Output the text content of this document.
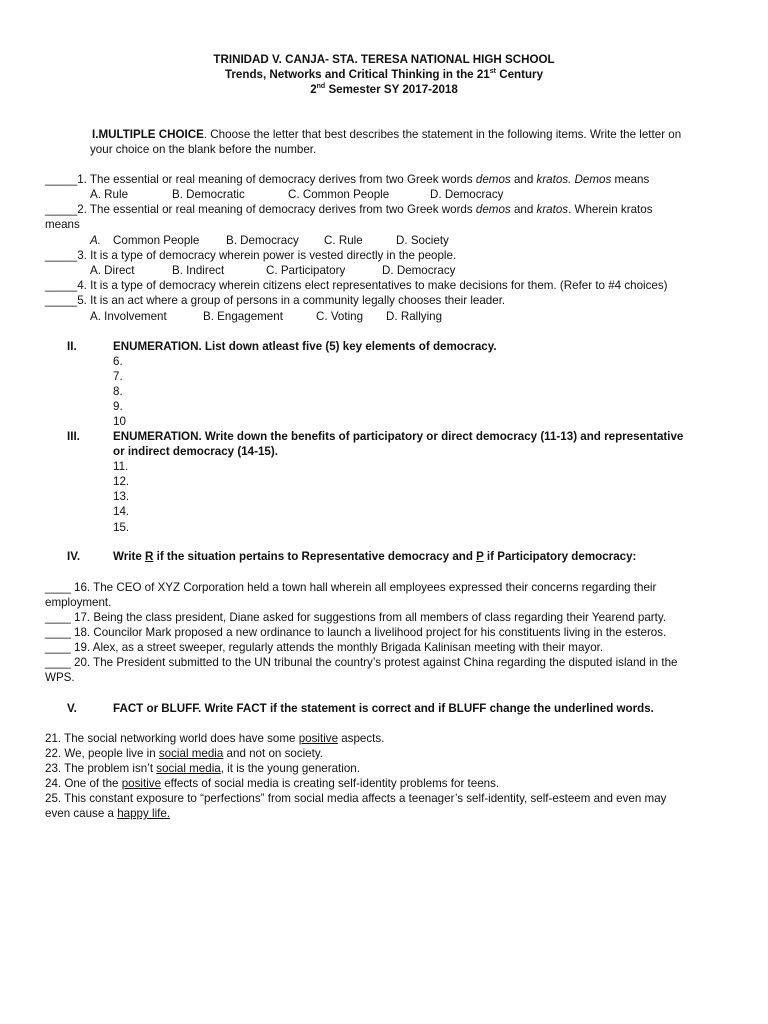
TRINIDAD V. CANJA- STA. TERESA NATIONAL HIGH SCHOOL
Trends, Networks and Critical Thinking in the 21st Century
2nd Semester SY 2017-2018
I.MULTIPLE CHOICE. Choose the letter that best describes the statement in the following items. Write the letter on
your choice on the blank before the number.
_____1. The essential or real meaning of democracy derives from two Greek words demos and kratos. Demos means
A. Rule	B. Democratic	C. Common People	D. Democracy
_____2. The essential or real meaning of democracy derives from two Greek words demos and kratos. Wherein kratos
means
A. Common People B. Democracy C. Rule	D. Society
_____3. It is a type of democracy wherein power is vested directly in the people.
A. Direct	B. Indirect	C. Participatory	D. Democracy
_____4. It is a type of democracy wherein citizens elect representatives to make decisions for them. (Refer to #4 choices)
_____5. It is an act where a group of persons in a community legally chooses their leader.
A. Involvement	B. Engagement	C. Voting D. Rallying
II.	ENUMERATION. List down atleast five (5) key elements of democracy.
6.
7.
8.
9.
10
III.	ENUMERATION. Write down the benefits of participatory or direct democracy (11-13) and representative
or indirect democracy (14-15).
11.
12.
13.
14.
15.
IV.	Write R if the situation pertains to Representative democracy and P if Participatory democracy:
____ 16. The CEO of XYZ Corporation held a town hall wherein all employees expressed their concerns regarding their
employment.
____ 17. Being the class president, Diane asked for suggestions from all members of class regarding their Yearend party.
____ 18. Councilor Mark proposed a new ordinance to launch a livelihood project for his constituents living in the esteros.
____ 19. Alex, as a street sweeper, regularly attends the monthly Brigada Kalinisan meeting with their mayor.
____ 20. The President submitted to the UN tribunal the country’s protest against China regarding the disputed island in the
WPS.
V.	FACT or BLUFF. Write FACT if the statement is correct and if BLUFF change the underlined words.
21. The social networking world does have some positive aspects.
22. We, people live in social media and not on society.
23. The problem isn’t social media, it is the young generation.
24. One of the positive effects of social media is creating self-identity problems for teens.
25. This constant exposure to “perfections” from social media affects a teenager’s self-identity, self-esteem and even may
even cause a happy life.
